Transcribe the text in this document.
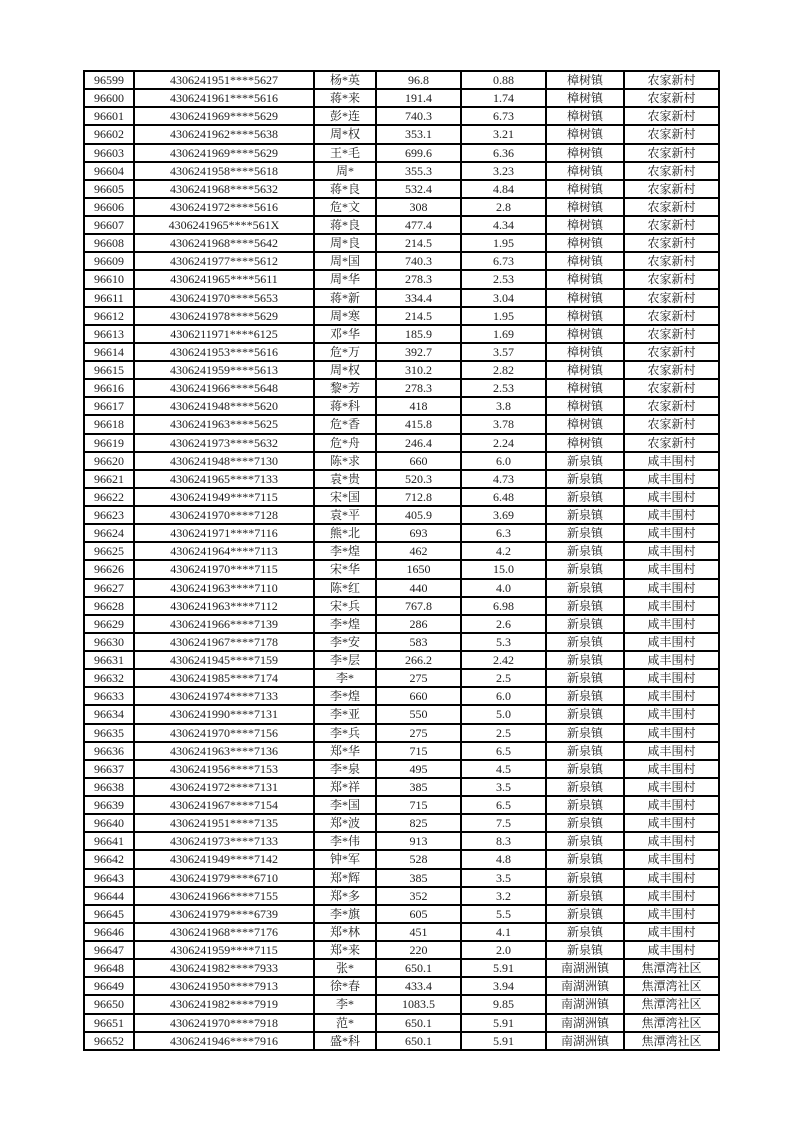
96599	4306241951****5627	杨*英	96.8	0.88	樟树镇	农家新村
96600	4306241961****5616	蒋*来	191.4	1.74	樟树镇	农家新村
96601	4306241969****5629	彭*连	740.3	6.73	樟树镇	农家新村
96602	4306241962****5638	周*权	353.1	3.21	樟树镇	农家新村
96603	4306241969****5629	王*毛	699.6	6.36	樟树镇	农家新村
96604	4306241958****5618	周*	355.3	3.23	樟树镇	农家新村
96605	4306241968****5632	蒋*良	532.4	4.84	樟树镇	农家新村
96606	4306241972****5616	危*文	308	2.8	樟树镇	农家新村
96607	4306241965****561X	蒋*良	477.4	4.34	樟树镇	农家新村
96608	4306241968****5642	周*良	214.5	1.95	樟树镇	农家新村
96609	4306241977****5612	周*国	740.3	6.73	樟树镇	农家新村
96610	4306241965****5611	周*华	278.3	2.53	樟树镇	农家新村
96611	4306241970****5653	蒋*新	334.4	3.04	樟树镇	农家新村
96612	4306241978****5629	周*寒	214.5	1.95	樟树镇	农家新村
96613	4306211971****6125	邓*华	185.9	1.69	樟树镇	农家新村
96614	4306241953****5616	危*万	392.7	3.57	樟树镇	农家新村
96615	4306241959****5613	周*权	310.2	2.82	樟树镇	农家新村
96616	4306241966****5648	黎*芳	278.3	2.53	樟树镇	农家新村
96617	4306241948****5620	蒋*科	418	3.8	樟树镇	农家新村
96618	4306241963****5625	危*香	415.8	3.78	樟树镇	农家新村
96619	4306241973****5632	危*舟	246.4	2.24	樟树镇	农家新村
96620	4306241948****7130	陈*求	660	6.0	新泉镇	咸丰围村
96621	4306241965****7133	袁*贵	520.3	4.73	新泉镇	咸丰围村
96622	4306241949****7115	宋*国	712.8	6.48	新泉镇	咸丰围村
96623	4306241970****7128	袁*平	405.9	3.69	新泉镇	咸丰围村
96624	4306241971****7116	熊*北	693	6.3	新泉镇	咸丰围村
96625	4306241964****7113	李*煌	462	4.2	新泉镇	咸丰围村
96626	4306241970****7115	宋*华	1650	15.0	新泉镇	咸丰围村
96627	4306241963****7110	陈*红	440	4.0	新泉镇	咸丰围村
96628	4306241963****7112	宋*兵	767.8	6.98	新泉镇	咸丰围村
96629	4306241966****7139	李*煌	286	2.6	新泉镇	咸丰围村
96630	4306241967****7178	李*安	583	5.3	新泉镇	咸丰围村
96631	4306241945****7159	李*层	266.2	2.42	新泉镇	咸丰围村
96632	4306241985****7174	李*	275	2.5	新泉镇	咸丰围村
96633	4306241974****7133	李*煌	660	6.0	新泉镇	咸丰围村
96634	4306241990****7131	李*亚	550	5.0	新泉镇	咸丰围村
96635	4306241970****7156	李*兵	275	2.5	新泉镇	咸丰围村
96636	4306241963****7136	郑*华	715	6.5	新泉镇	咸丰围村
96637	4306241956****7153	李*泉	495	4.5	新泉镇	咸丰围村
96638	4306241972****7131	郑*祥	385	3.5	新泉镇	咸丰围村
96639	4306241967****7154	李*国	715	6.5	新泉镇	咸丰围村
96640	4306241951****7135	郑*波	825	7.5	新泉镇	咸丰围村
96641	4306241973****7133	李*伟	913	8.3	新泉镇	咸丰围村
96642	4306241949****7142	钟*军	528	4.8	新泉镇	咸丰围村
96643	4306241979****6710	郑*辉	385	3.5	新泉镇	咸丰围村
96644	4306241966****7155	郑*多	352	3.2	新泉镇	咸丰围村
96645	4306241979****6739	李*旗	605	5.5	新泉镇	咸丰围村
96646	4306241968****7176	郑*林	451	4.1	新泉镇	咸丰围村
96647	4306241959****7115	郑*来	220	2.0	新泉镇	咸丰围村
96648	4306241982****7933	张*	650.1	5.91	南湖洲镇	焦潭湾社区
96649	4306241950****7913	徐*春	433.4	3.94	南湖洲镇	焦潭湾社区
96650	4306241982****7919	李*	1083.5	9.85	南湖洲镇	焦潭湾社区
96651	4306241970****7918	范*	650.1	5.91	南湖洲镇	焦潭湾社区
96652	4306241946****7916	盛*科	650.1	5.91	南湖洲镇	焦潭湾社区
